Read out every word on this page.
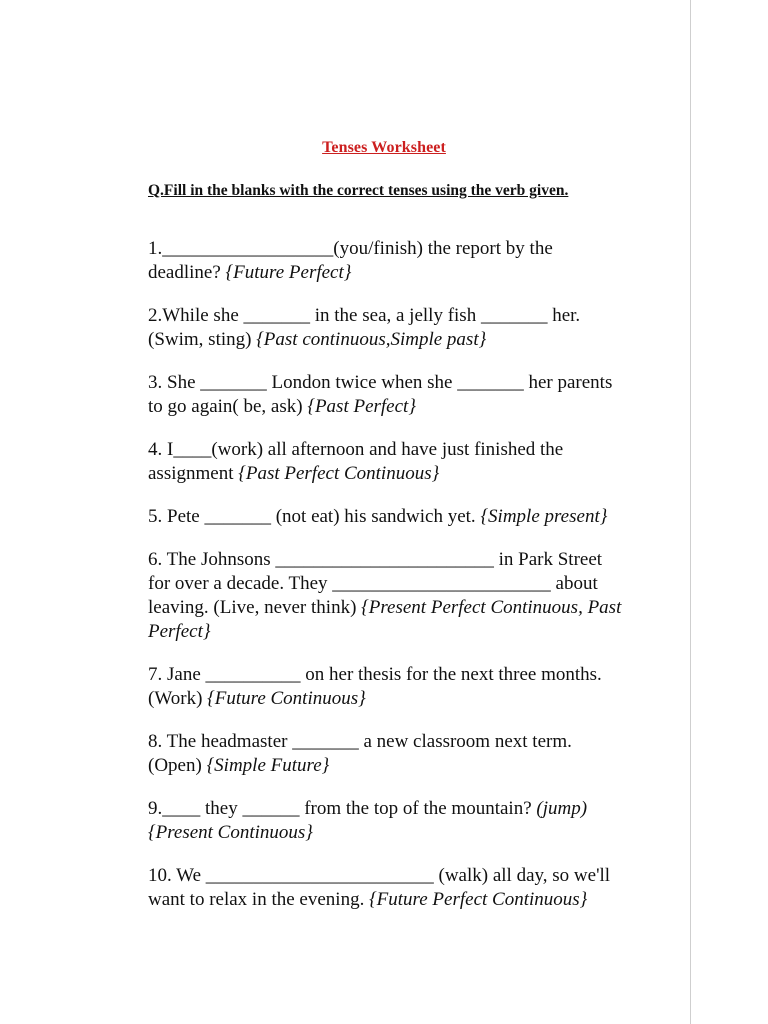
Tenses Worksheet
Q.Fill in the blanks with the correct tenses using the verb given.
1.__________________(you/finish) the report by the deadline? {Future Perfect}
2.While she _______ in the sea, a jelly fish _______ her. (Swim, sting) {Past continuous,Simple past}
3. She _______ London twice when she _______ her parents to go again( be, ask) {Past Perfect}
4. I____(work) all afternoon and have just finished the assignment {Past Perfect Continuous}
5. Pete _______ (not eat) his sandwich yet. {Simple present}
6. The Johnsons _______________________ in Park Street for over a decade. They _______________________ about leaving. (Live, never think) {Present Perfect Continuous, Past Perfect}
7. Jane __________ on her thesis for the next three months.(Work) {Future Continuous}
8. The headmaster _______ a new classroom next term. (Open) {Simple Future}
9.____ they ______ from the top of the mountain? (jump) {Present Continuous}
10. We ________________________ (walk) all day, so we'll want to relax in the evening. {Future Perfect Continuous}
